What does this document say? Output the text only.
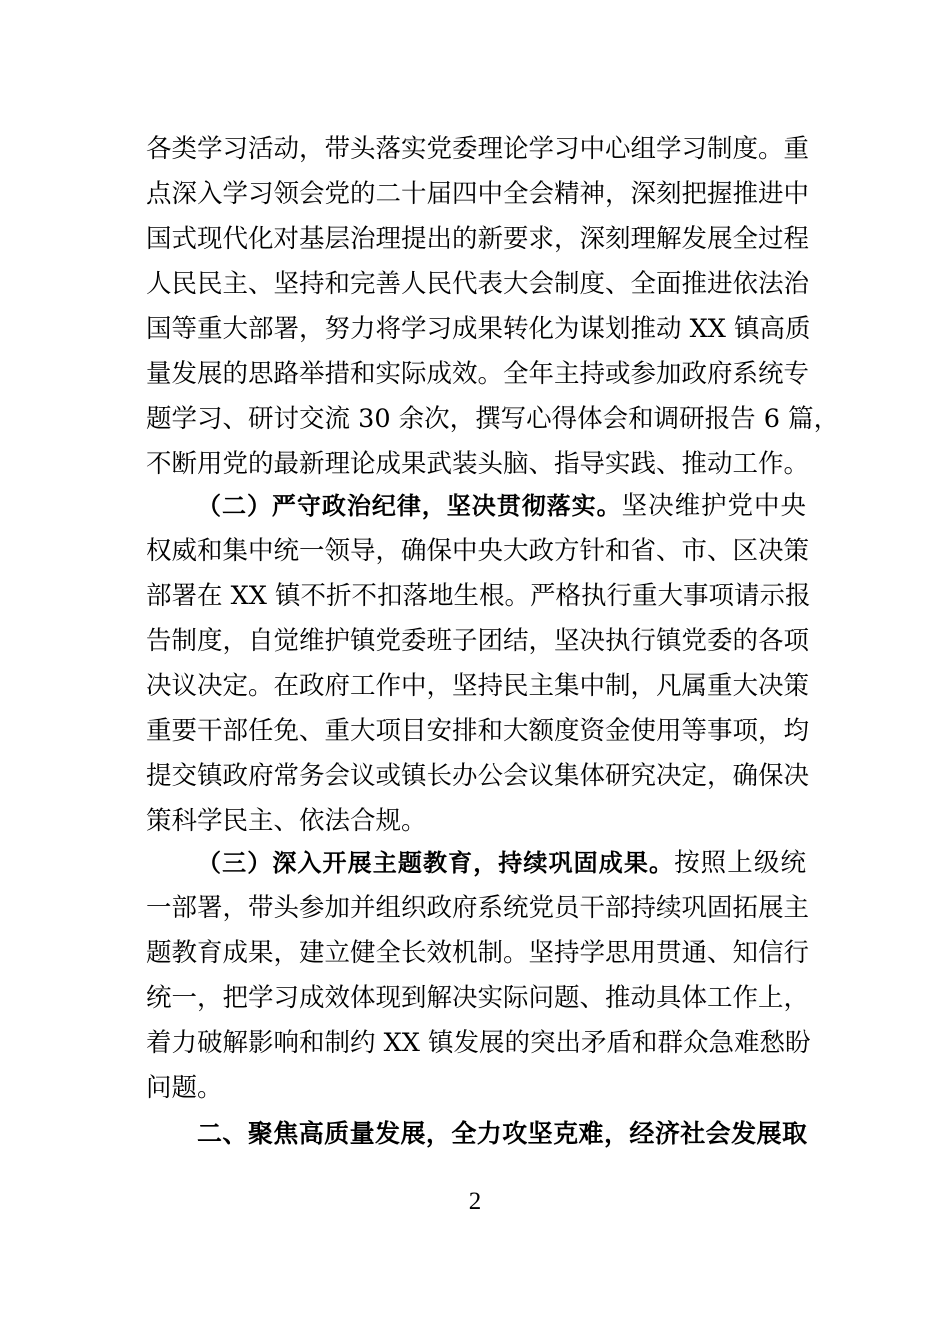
各类学习活动，带头落实党委理论学习中心组学习制度。重
点深入学习领会党的二十届四中全会精神，深刻把握推进中
国式现代化对基层治理提出的新要求，深刻理解发展全过程
人民民主、坚持和完善人民代表大会制度、全面推进依法治
国等重大部署，努力将学习成果转化为谋划推动 XX 镇高质
量发展的思路举措和实际成效。全年主持或参加政府系统专
题学习、研讨交流 30 余次，撰写心得体会和调研报告 6 篇，
不断用党的最新理论成果武装头脑、指导实践、推动工作。
（二）严守政治纪律，坚决贯彻落实。坚决维护党中央
权威和集中统一领导，确保中央大政方针和省、市、区决策
部署在 XX 镇不折不扣落地生根。严格执行重大事项请示报
告制度，自觉维护镇党委班子团结，坚决执行镇党委的各项
决议决定。在政府工作中，坚持民主集中制，凡属重大决策
重要干部任免、重大项目安排和大额度资金使用等事项，均
提交镇政府常务会议或镇长办公会议集体研究决定，确保决
策科学民主、依法合规。
（三）深入开展主题教育，持续巩固成果。按照上级统
一部署，带头参加并组织政府系统党员干部持续巩固拓展主
题教育成果，建立健全长效机制。坚持学思用贯通、知信行
统一，把学习成效体现到解决实际问题、推动具体工作上，
着力破解影响和制约 XX 镇发展的突出矛盾和群众急难愁盼
问题。
二、聚焦高质量发展，全力攻坚克难，经济社会发展取
2
